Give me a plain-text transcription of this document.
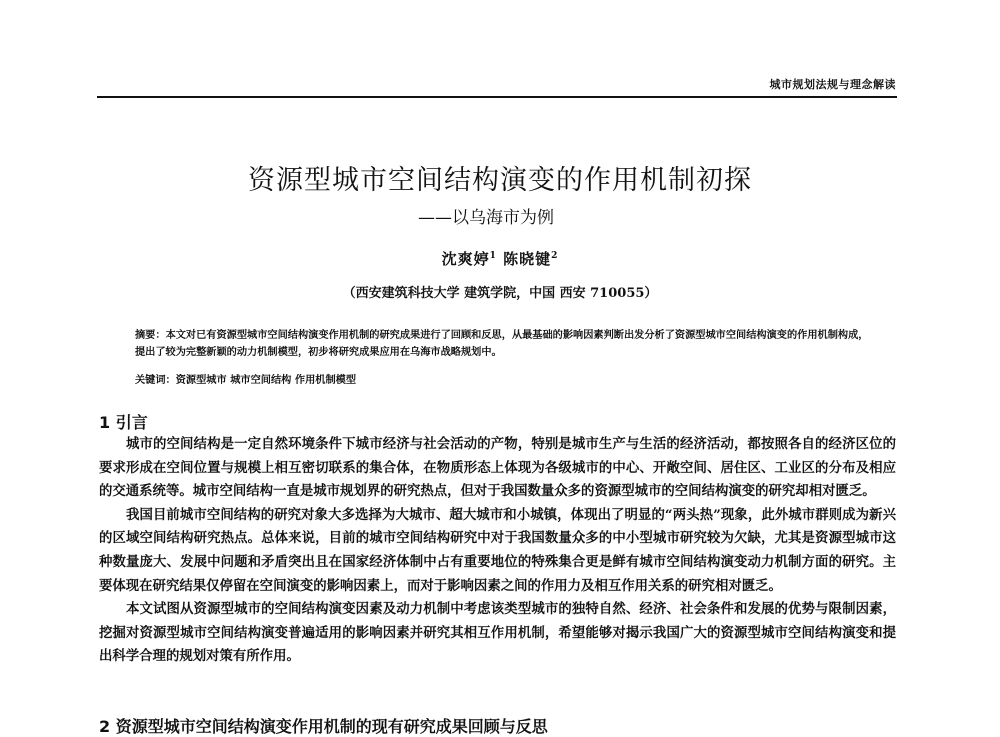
城市规划法规与理念解读
资源型城市空间结构演变的作用机制初探
——以乌海市为例
沈爽婷$^1$ 陈晓键$^2$
（西安建筑科技大学 建筑学院，中国 西安 710055）
摘要：本文对已有资源型城市空间结构演变作用机制的研究成果进行了回顾和反思，从最基础的影响因素判断出发分析了资源型城市空间结构演变的作用机制构成，提出了较为完整新颖的动力机制模型，初步将研究成果应用在乌海市战略规划中。
关键词：资源型城市 城市空间结构 作用机制模型
1 引言

城市的空间结构是一定自然环境条件下城市经济与社会活动的产物，特别是城市生产与生活的经济活动，都按照各自的经济区位的要求形成在空间位置与规模上相互密切联系的集合体，在物质形态上体现为各级城市的中心、开敞空间、居住区、工业区的分布及相应的交通系统等。城市空间结构一直是城市规划界的研究热点，但对于我国数量众多的资源型城市的空间结构演变的研究却相对匮乏。

我国目前城市空间结构的研究对象大多选择为大城市、超大城市和小城镇，体现出了明显的“两头热”现象，此外城市群则成为新兴的区域空间结构研究热点。总体来说，目前的城市空间结构研究中对于我国数量众多的中小型城市研究较为欠缺，尤其是资源型城市这种数量庞大、发展中问题和矛盾突出且在国家经济体制中占有重要地位的特殊集合更是鲜有城市空间结构演变动力机制方面的研究。主要体现在研究结果仅停留在空间演变的影响因素上，而对于影响因素之间的作用力及相互作用关系的研究相对匮乏。

本文试图从资源型城市的空间结构演变因素及动力机制中考虑该类型城市的独特自然、经济、社会条件和发展的优势与限制因素，挖掘对资源型城市空间结构演变普遍适用的影响因素并研究其相互作用机制，希望能够对揭示我国广大的资源型城市空间结构演变和提出科学合理的规划对策有所作用。

2 资源型城市空间结构演变作用机制的现有研究成果回顾与反思
